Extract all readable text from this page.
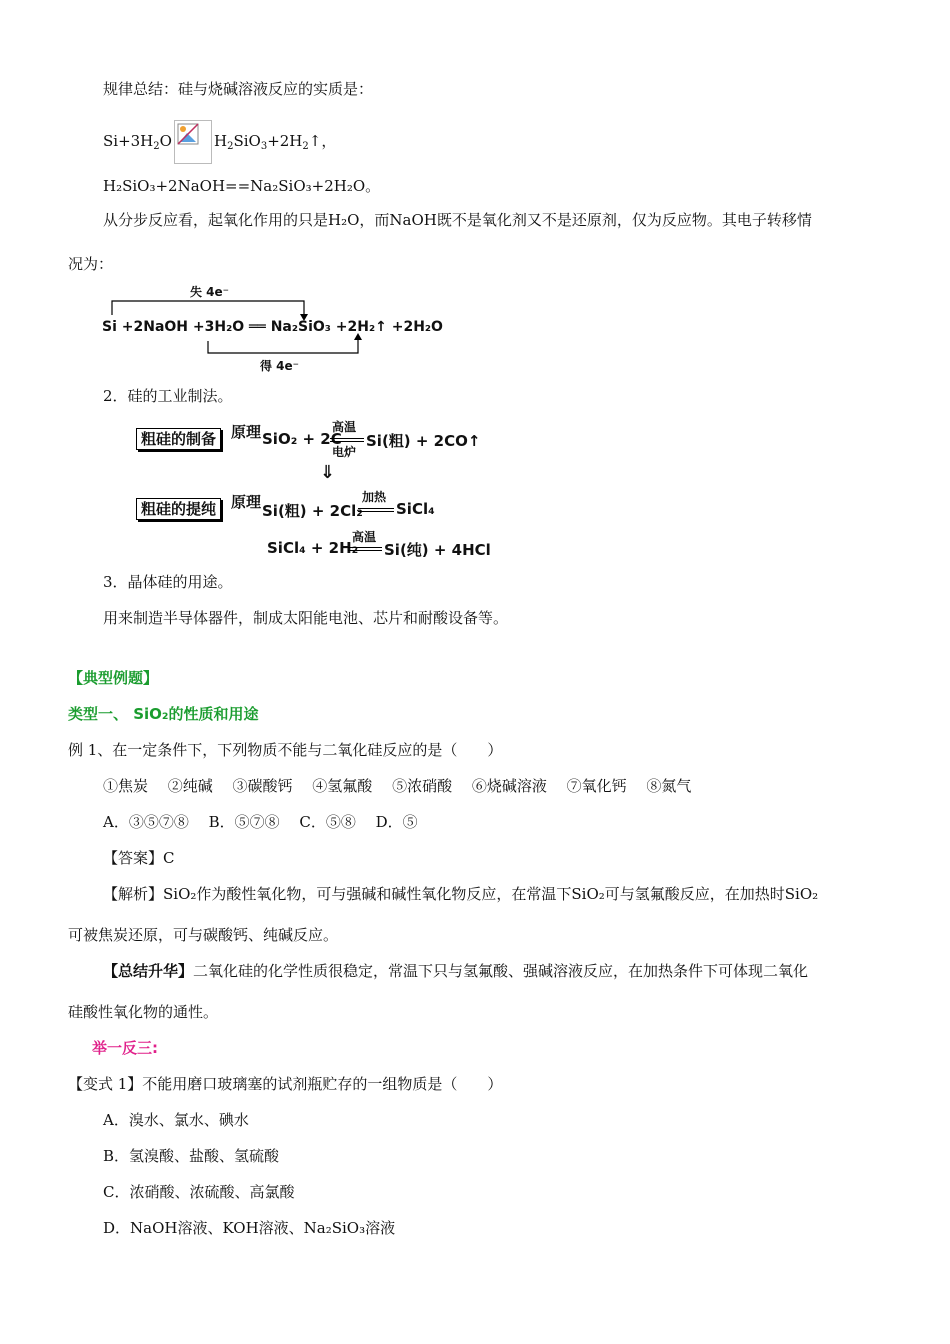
规律总结：硅与烧碱溶液反应的实质是：
$Si+3H_2O$	$H_2SiO_3+2H_2↑$，
H₂SiO₃+2NaOH==Na₂SiO₃+2H₂O。
从分步反应看，起氧化作用的只是H₂O，而NaOH既不是氧化剂又不是还原剂，仅为反应物。其电子转移情
况为：
失 4e⁻
Si +2NaOH +3H₂O ══ Na₂SiO₃ +2H₂↑ +2H₂O
得 4e⁻
2．硅的工业制法。
粗硅的制备 原理 SiO₂ + 2C
高温
电炉
Si(粗) + 2CO↑
⇓
粗硅的提纯 原理 Si(粗) + 2Cl₂
加热
SiCl₄
SiCl₄ + 2H₂
高温
Si(纯) + 4HCl
3．晶体硅的用途。
用来制造半导体器件，制成太阳能电池、芯片和耐酸设备等。
【典型例题】
类型一、 SiO₂的性质和用途
例 1、在一定条件下，下列物质不能与二氧化硅反应的是（　　）
①焦炭　 ②纯碱　 ③碳酸钙　 ④氢氟酸　 ⑤浓硝酸　 ⑥烧碱溶液　 ⑦氧化钙　 ⑧氮气
A．③⑤⑦⑧　 B．⑤⑦⑧　 C．⑤⑧　 D．⑤
【答案】C
【解析】SiO₂作为酸性氧化物，可与强碱和碱性氧化物反应，在常温下SiO₂可与氢氟酸反应，在加热时SiO₂
可被焦炭还原，可与碳酸钙、纯碱反应。
【总结升华】二氧化硅的化学性质很稳定，常温下只与氢氟酸、强碱溶液反应，在加热条件下可体现二氧化
硅酸性氧化物的通性。
举一反三:
【变式 1】不能用磨口玻璃塞的试剂瓶贮存的一组物质是（　　）
A．溴水、氯水、碘水
B．氢溴酸、盐酸、氢硫酸
C．浓硝酸、浓硫酸、高氯酸
D．NaOH溶液、KOH溶液、Na₂SiO₃溶液
